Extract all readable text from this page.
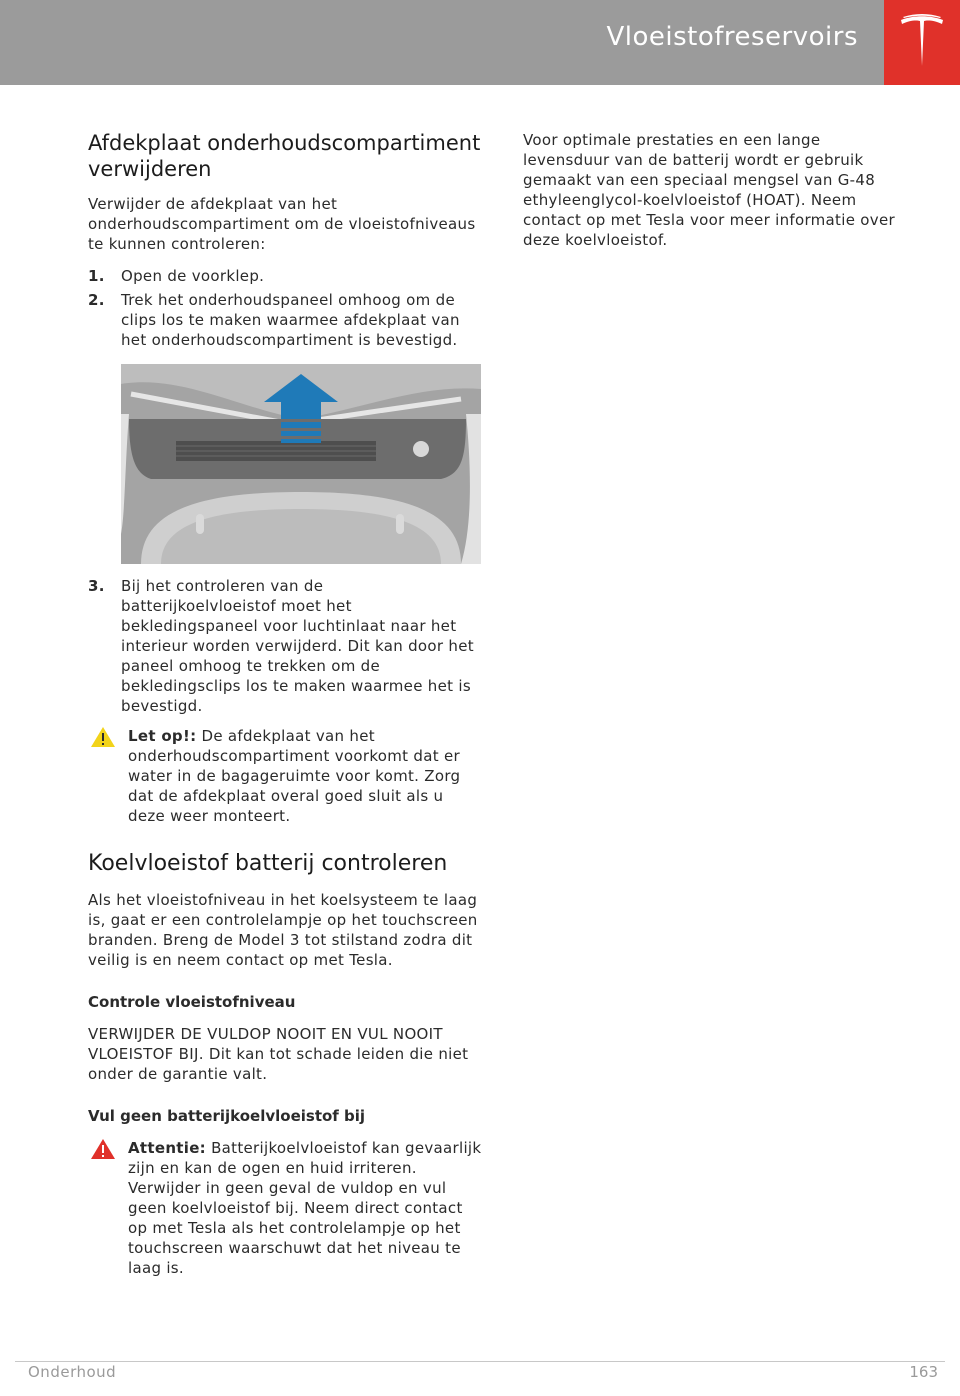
Vloeistofreservoirs
Afdekplaat onderhoudscompartiment verwijderen

Verwijder de afdekplaat van het onderhoudscompartiment om de vloeistofniveaus te kunnen controleren:

1. Open de voorklep.
2. Trek het onderhoudspaneel omhoog om de clips los te maken waarmee afdekplaat van het onderhoudscompartiment is bevestigd.
3. Bij het controleren van de batterijkoelvloeistof moet het bekledingspaneel voor luchtinlaat naar het interieur worden verwijderd. Dit kan door het paneel omhoog te trekken om de bekledingsclips los te maken waarmee het is bevestigd.
Let op!: De afdekplaat van het onderhoudscompartiment voorkomt dat er water in de bagageruimte voor komt. Zorg dat de afdekplaat overal goed sluit als u deze weer monteert.
Koelvloeistof batterij controleren

Als het vloeistofniveau in het koelsysteem te laag is, gaat er een controlelampje op het touchscreen branden. Breng de Model 3 tot stilstand zodra dit veilig is en neem contact op met Tesla.

Controle vloeistofniveau

VERWIJDER DE VULDOP NOOIT EN VUL NOOIT VLOEISTOF BIJ. Dit kan tot schade leiden die niet onder de garantie valt.

Vul geen batterijkoelvloeistof bij
Attentie: Batterijkoelvloeistof kan gevaarlijk zijn en kan de ogen en huid irriteren. Verwijder in geen geval de vuldop en vul geen koelvloeistof bij. Neem direct contact op met Tesla als het controlelampje op het touchscreen waarschuwt dat het niveau te laag is.

Voor optimale prestaties en een lange levensduur van de batterij wordt er gebruik gemaakt van een speciaal mengsel van G-48 ethyleenglycol-koelvloeistof (HOAT). Neem contact op met Tesla voor meer informatie over deze koelvloeistof.

Onderhoud	163
